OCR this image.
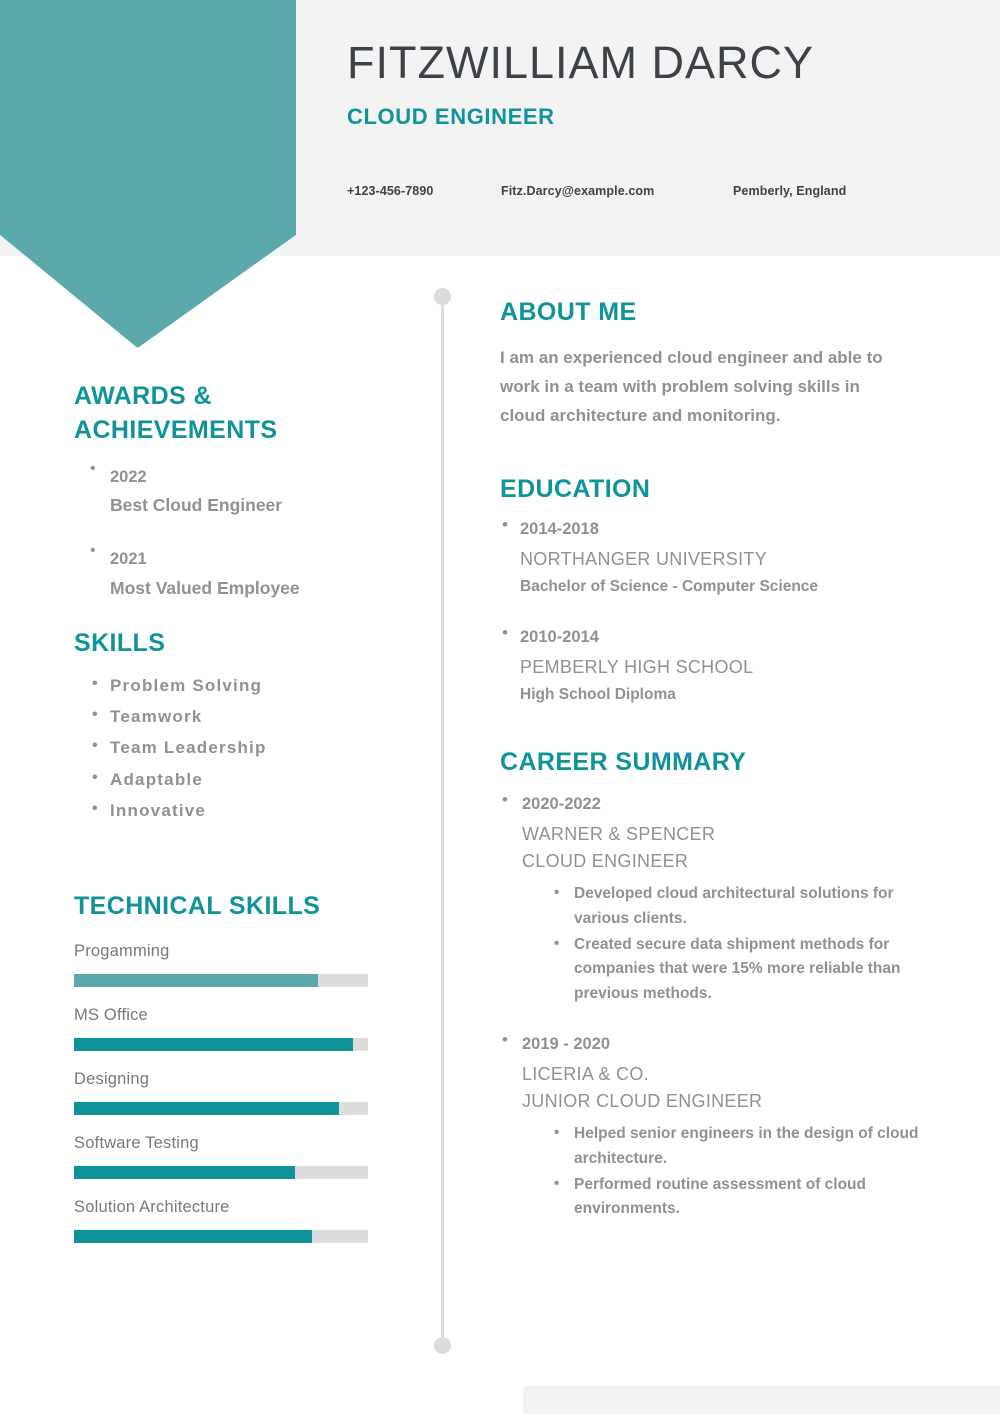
FITZWILLIAM DARCY
CLOUD ENGINEER
+123-456-7890	Fitz.Darcy@example.com	Pemberly, England
AWARDS & ACHIEVEMENTS
• 2022
Best Cloud Engineer
• 2021
Most Valued Employee
SKILLS
• Problem Solving
• Teamwork
• Team Leadership
• Adaptable
• Innovative
TECHNICAL SKILLS
Progamming
MS Office
Designing
Software Testing
Solution Architecture
ABOUT ME
I am an experienced cloud engineer and able to work in a team with problem solving skills in cloud architecture and monitoring.
EDUCATION
• 2014-2018
NORTHANGER UNIVERSITY
Bachelor of Science - Computer Science
• 2010-2014
PEMBERLY HIGH SCHOOL
High School Diploma
CAREER SUMMARY
• 2020-2022
WARNER & SPENCER
CLOUD ENGINEER
• Developed cloud architectural solutions for various clients.
• Created secure data shipment methods for companies that were 15% more reliable than previous methods.
• 2019 - 2020
LICERIA & CO.
JUNIOR CLOUD ENGINEER
• Helped senior engineers in the design of cloud architecture.
• Performed routine assessment of cloud environments.
